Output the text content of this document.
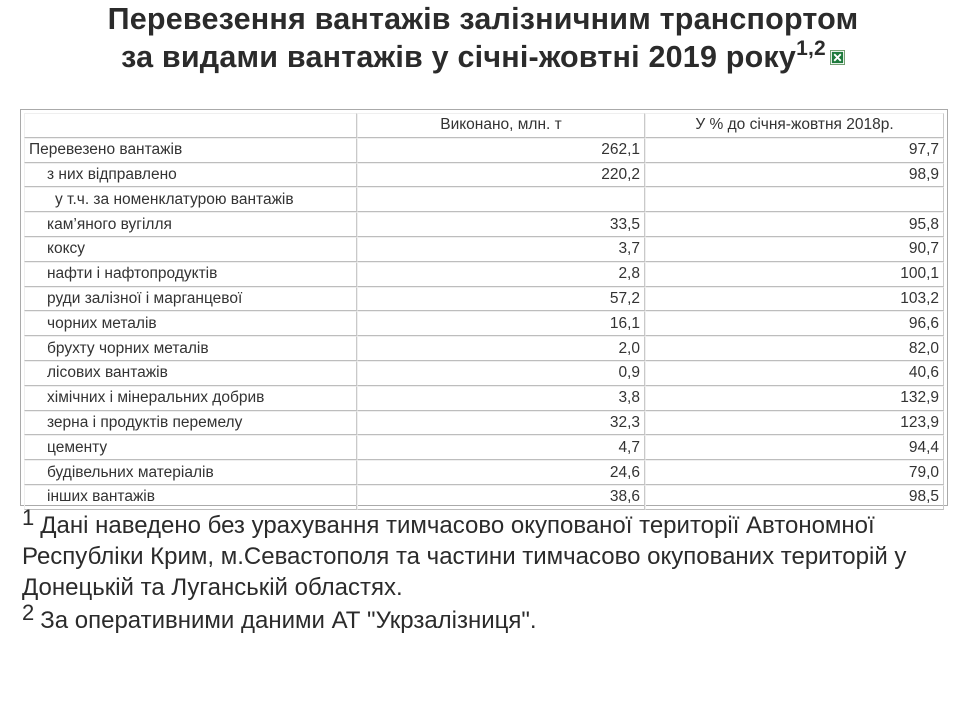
Перевезення вантажів залізничним транспортом
за видами вантажів у січні-жовтні 2019 року$^{1,2}$
	Виконано, млн. т	У % до січня-жовтня 2018р.
Перевезено вантажів	262,1	97,7
з них відправлено	220,2	98,9
у т.ч. за номенклатурою вантажів		
кам’яного вугілля	33,5	95,8
коксу	3,7	90,7
нафти і нафтопродуктів	2,8	100,1
руди залізної і марганцевої	57,2	103,2
чорних металів	16,1	96,6
брухту чорних металів	2,0	82,0
лісових вантажів	0,9	40,6
хімічних і мінеральних добрив	3,8	132,9
зерна і продуктів перемелу	32,3	123,9
цементу	4,7	94,4
будівельних матеріалів	24,6	79,0
інших вантажів	38,6	98,5

1 Дані наведено без урахування тимчасово окупованої території Автономної Республіки Крим, м.Севастополя та частини тимчасово окупованих територій у Донецькій та Луганській областях.

2 За оперативними даними АТ "Укрзалізниця".
